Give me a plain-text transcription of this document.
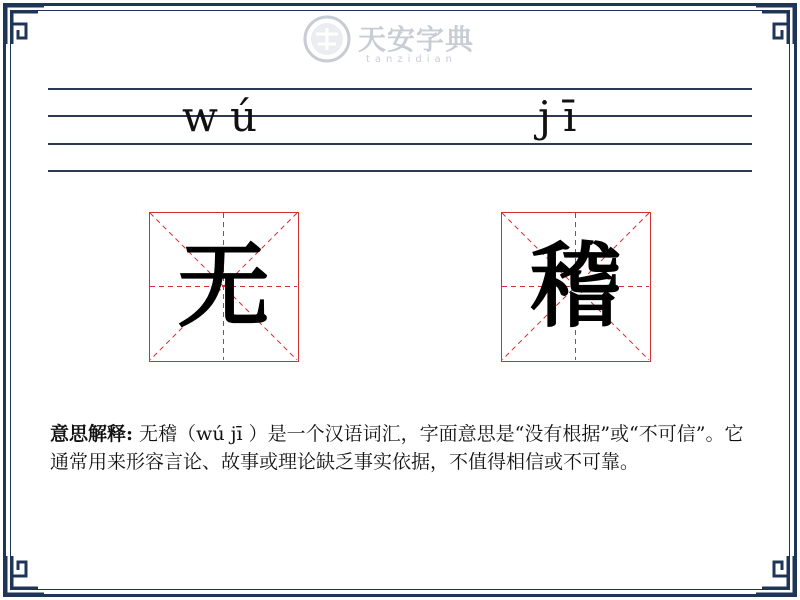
天安字典
tanzidian
wú	jī
无	稽
意思解释: 无稽（wú jī ）是一个汉语词汇，字面意思是“没有根据”或“不可信”。它通常用来形容言论、故事或理论缺乏事实依据，不值得相信或不可靠。
